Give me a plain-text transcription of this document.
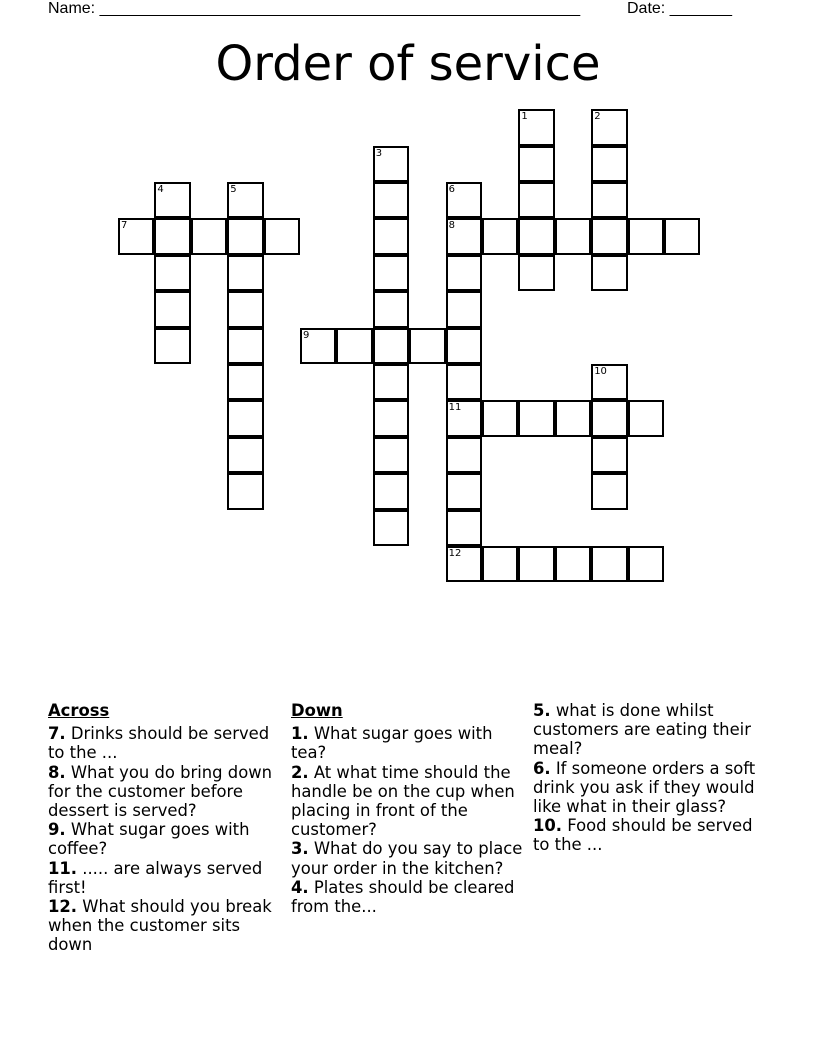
Name: ______________________________________________________	Date: _______
Order of service
1	2
3
4	5	6
8
11
12
7
9
10
Across
7. Drinks should be served to the ...
8. What you do bring down for the customer before dessert is served?
9. What sugar goes with coffee?
11. ..... are always served first!
12. What should you break when the customer sits down
Down
1. What sugar goes with tea?
2. At what time should the handle be on the cup when placing in front of the customer?
3. What do you say to place your order in the kitchen?
4. Plates should be cleared from the...
5. what is done whilst customers are eating their meal?
6. If someone orders a soft drink you ask if they would like what in their glass?
10. Food should be served to the ...
